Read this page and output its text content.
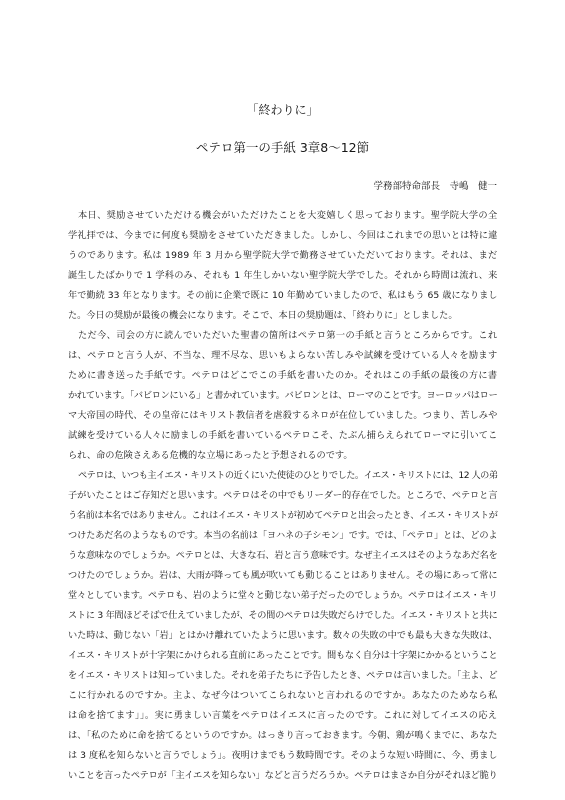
「終わりに」
ペテロ第一の手紙 3章8～12節
学務部特命部長　寺嶋　健一
本日、奨励させていただける機会がいただけたことを大変嬉しく思っております。聖学院大学の全
学礼拝では、今までに何度も奨励をさせていただきました。しかし、今回はこれまでの思いとは特に違
うのであります。私は 1989 年 3 月から聖学院大学で勤務させていただいております。それは、まだ
誕生したばかりで 1 学科のみ、それも 1 年生しかいない聖学院大学でした。それから時間は流れ、来
年で勤続 33 年となります。その前に企業で既に 10 年勤めていましたので、私はもう 65 歳になりまし
た。今日の奨励が最後の機会になります。そこで、本日の奨励題は、「終わりに」としました。
ただ今、司会の方に読んでいただいた聖書の箇所はペテロ第一の手紙と言うところからです。これ
は、ペテロと言う人が、不当な、理不尽な、思いもよらない苦しみや試練を受けている人々を励ます
ために書き送った手紙です。ペテロはどこでこの手紙を書いたのか。それはこの手紙の最後の方に書
かれています。「バビロンにいる」と書かれています。バビロンとは、ローマのことです。ヨーロッパはロー
マ大帝国の時代、その皇帝にはキリスト教信者を虐殺するネロが在位していました。つまり、苦しみや
試練を受けている人々に励ましの手紙を書いているペテロこそ、たぶん捕らえられてローマに引いてこ
られ、命の危険さえある危機的な立場にあったと予想されるのです。
ペテロは、いつも主イエス・キリストの近くにいた使徒のひとりでした。イエス・キリストには、12 人の弟
子がいたことはご存知だと思います。ペテロはその中でもリーダー的存在でした。ところで、ペテロと言
う名前は本名ではありません。これはイエス・キリストが初めてペテロと出会ったとき、イエス・キリストが
つけたあだ名のようなものです。本当の名前は「ヨハネの子シモン」です。では、「ペテロ」とは、どのよ
うな意味なのでしょうか。ペテロとは、大きな石、岩と言う意味です。なぜ主イエスはそのようなあだ名を
つけたのでしょうか。岩は、大雨が降っても風が吹いても動じることはありません。その場にあって常に
堂々としています。ペテロも、岩のように堂々と動じない弟子だったのでしょうか。ペテロはイエス・キリ
ストに 3 年間ほどそばで仕えていましたが、その間のペテロは失敗だらけでした。イエス・キリストと共に
いた時は、動じない「岩」とはかけ離れていたように思います。数々の失敗の中でも最も大きな失敗は、
イエス・キリストが十字架にかけられる直前にあったことです。間もなく自分は十字架にかかるということ
をイエス・キリストは知っていました。それを弟子たちに予告したとき、ペテロは言いました。「主よ、ど
こに行かれるのですか。主よ、なぜ今はついてこられないと言われるのですか。あなたのためなら私
は命を捨てます」」。実に勇ましい言葉をペテロはイエスに言ったのです。これに対してイエスの応え
は、「私のために命を捨てるというのですか。はっきり言っておきます。今朝、鶏が鳴くまでに、あなた
は 3 度私を知らないと言うでしょう」。夜明けまでもう数時間です。そのような短い時間に、今、勇まし
いことを言ったペテロが「主イエスを知らない」などと言うだろうか。ペテロはまさか自分がそれほど脆り
